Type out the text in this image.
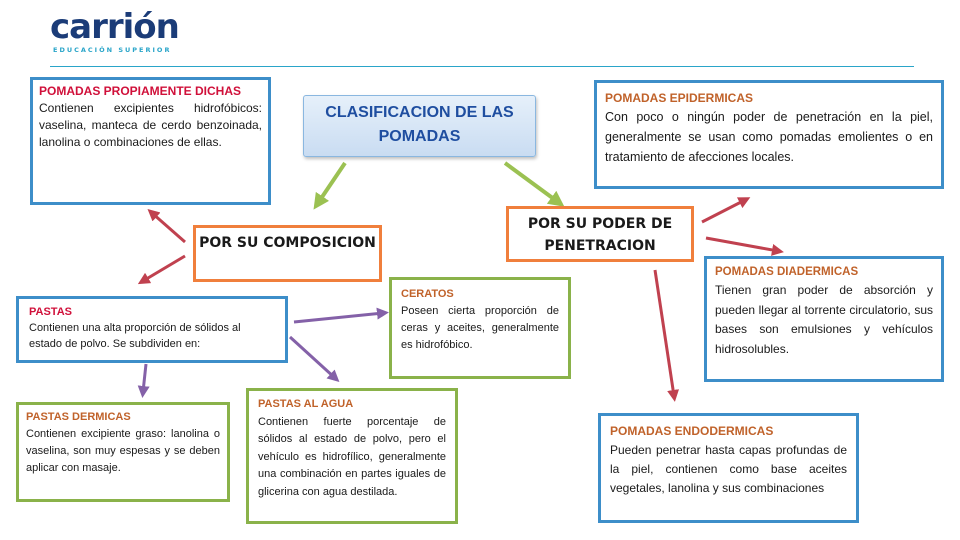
carrión
EDUCACIÓN SUPERIOR
CLASIFICACION DE LAS POMADAS
POR SU COMPOSICION
POR SU PODER DE PENETRACION
POMADAS PROPIAMENTE DICHAS
Contienen excipientes hidrofóbicos: vaselina, manteca de cerdo benzoinada, lanolina o combinaciones de ellas.
PASTAS
Contienen una alta proporción de sólidos al estado de polvo. Se subdividen en:
CERATOS
Poseen cierta proporción de ceras y aceites, generalmente es hidrofóbico.
PASTAS DERMICAS
Contienen excipiente graso: lanolina o vaselina, son muy espesas y se deben aplicar con masaje.
PASTAS AL AGUA
Contienen fuerte porcentaje de sólidos al estado de polvo, pero el vehículo es hidrofílico, generalmente una combinación en partes iguales de glicerina con agua destilada.
POMADAS EPIDERMICAS
Con poco o ningún poder de penetración en la piel, generalmente se usan como pomadas emolientes o en tratamiento de afecciones locales.
POMADAS DIADERMICAS
Tienen gran poder de absorción y pueden llegar al torrente circulatorio, sus bases son emulsiones y vehículos hidrosolubles.
POMADAS ENDODERMICAS
Pueden penetrar hasta capas profundas de la piel, contienen como base aceites vegetales, lanolina y sus combinaciones
